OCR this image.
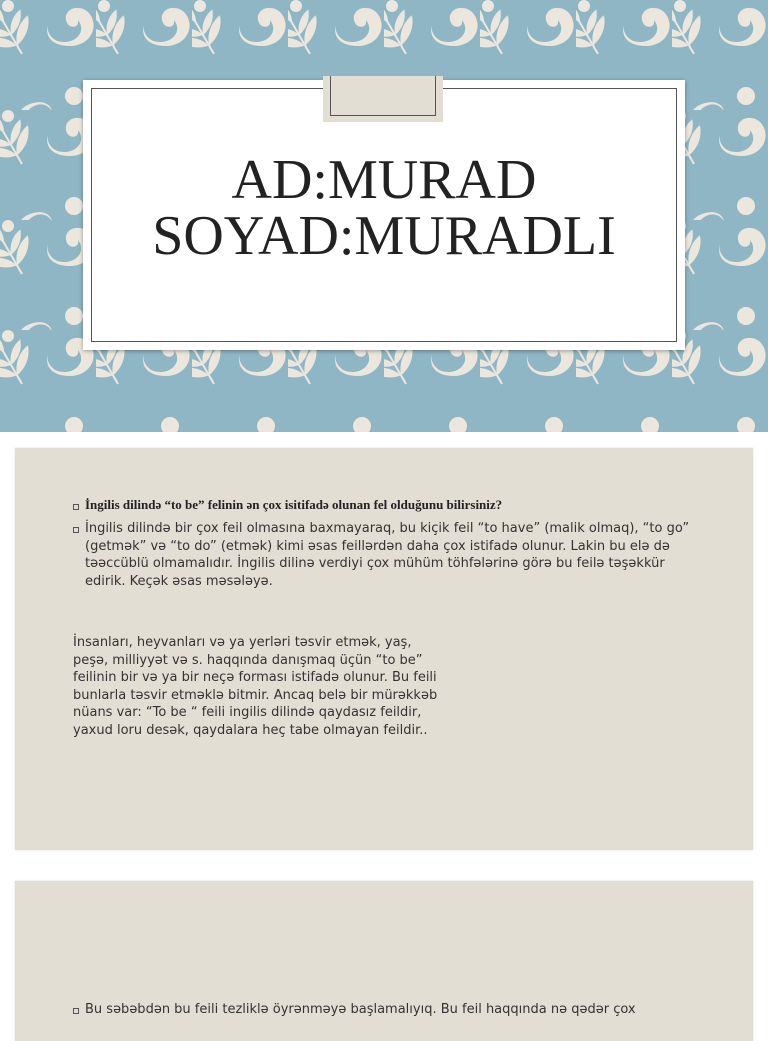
AD:MURAD
SOYAD:MURADLI
İngilis dilində “to be” felinin ən çox isitifadə olunan fel olduğunu bilirsiniz?
İngilis dilində bir çox feil olmasına baxmayaraq, bu kiçik feil “to have” (malik olmaq), “to go” (getmək” və “to do” (etmək) kimi əsas feillərdən daha çox istifadə olunur. Lakin bu elə də təəccüblü olmamalıdır. İngilis dilinə verdiyi çox mühüm töhfələrinə görə bu feilə təşəkkür edirik. Keçək əsas məsələyə.

İnsanları, heyvanları və ya yerləri təsvir etmək, yaş, peşə, milliyyət və s. haqqında danışmaq üçün “to be” feilinin bir və ya bir neçə forması istifadə olunur. Bu feili bunlarla təsvir etməklə bitmir. Ancaq belə bir mürəkkəb nüans var: “To be “ feili ingilis dilində qaydasız feildir, yaxud loru desək, qaydalara heç tabe olmayan feildir..

Bu səbəbdən bu feili tezliklə öyrənməyə başlamalıyıq. Bu feil haqqında nə qədər çox
